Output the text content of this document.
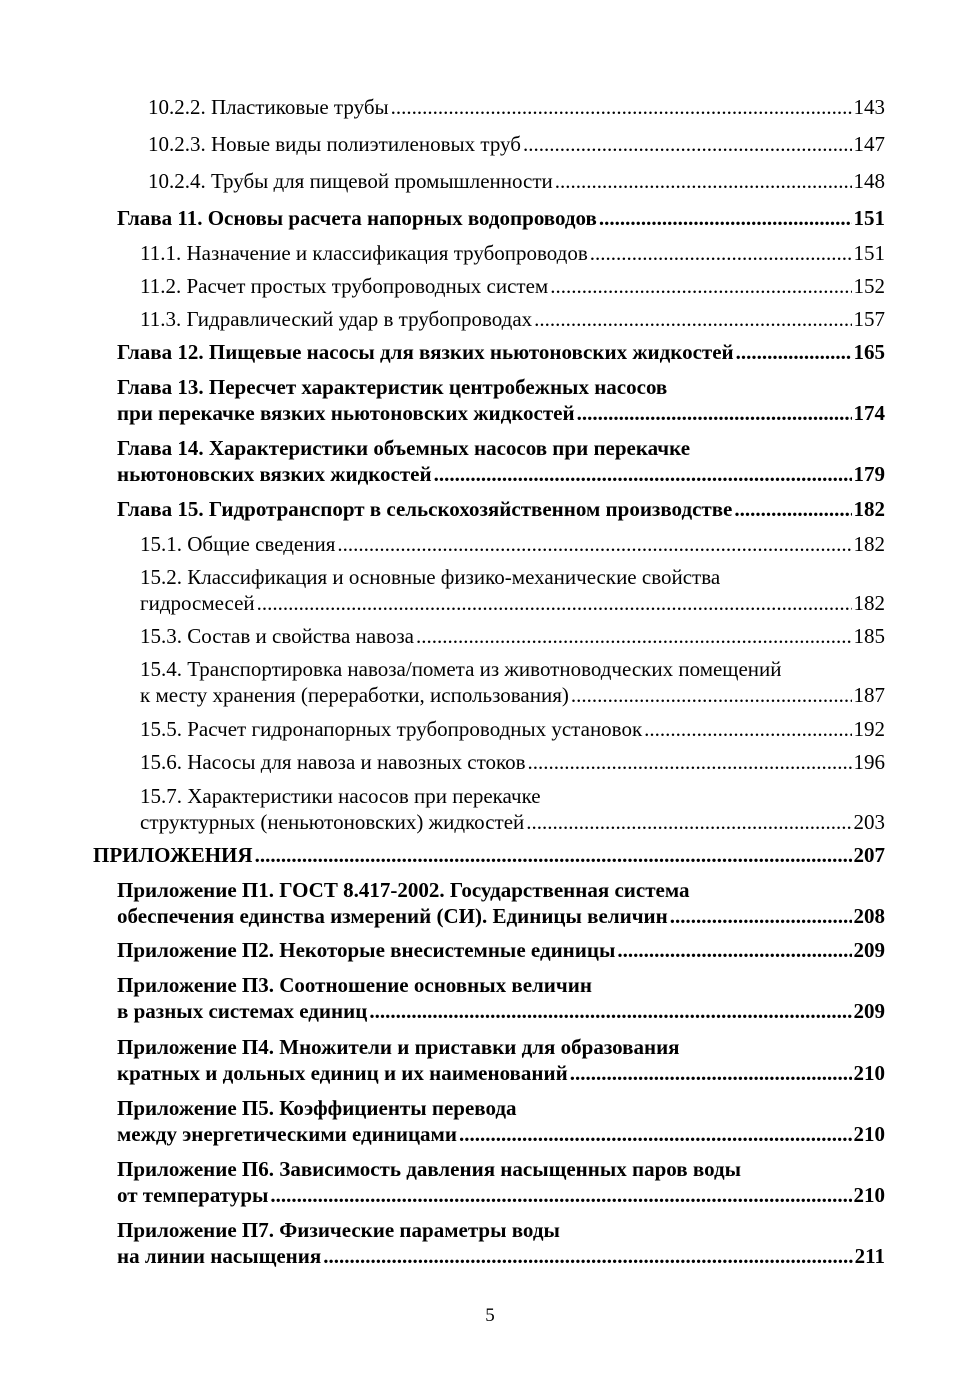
10.2.2. Пластиковые трубы .....	143
10.2.3. Новые виды полиэтиленовых труб .....	147
10.2.4. Трубы для пищевой промышленности .....	148
Глава 11. Основы расчета напорных водопроводов .....	151
11.1. Назначение и классификация трубопроводов .....	151
11.2. Расчет простых трубопроводных систем .....	152
11.3. Гидравлический удар в трубопроводах .....	157
Глава 12. Пищевые насосы для вязких ньютоновских жидкостей .....	165
Глава 13. Пересчет характеристик центробежных насосов
при перекачке вязких ньютоновских жидкостей .....	174
Глава 14. Характеристики объемных насосов при перекачке
ньютоновских вязких жидкостей .....	179
Глава 15. Гидротранспорт в сельскохозяйственном производстве .....	182
15.1. Общие сведения .....	182
15.2. Классификация и основные физико-механические свойства
гидросмесей .....	182
15.3. Состав и свойства навоза .....	185
15.4. Транспортировка навоза/помета из животноводческих помещений
к месту хранения (переработки, использования) .....	187
15.5. Расчет гидронапорных трубопроводных установок .....	192
15.6. Насосы для навоза и навозных стоков .....	196
15.7. Характеристики насосов при перекачке
структурных (неньютоновских) жидкостей .....	203
ПРИЛОЖЕНИЯ .....	207
Приложение П1. ГОСТ 8.417-2002. Государственная система
обеспечения единства измерений (СИ). Единицы величин .....	208
Приложение П2. Некоторые внесистемные единицы .....	209
Приложение П3. Соотношение основных величин
в разных системах единиц .....	209
Приложение П4. Множители и приставки для образования
кратных и дольных единиц и их наименований .....	210
Приложение П5. Коэффициенты перевода
между энергетическими единицами .....	210
Приложение П6. Зависимость давления насыщенных паров воды
от температуры .....	210
Приложение П7. Физические параметры воды
на линии насыщения .....	211
5
